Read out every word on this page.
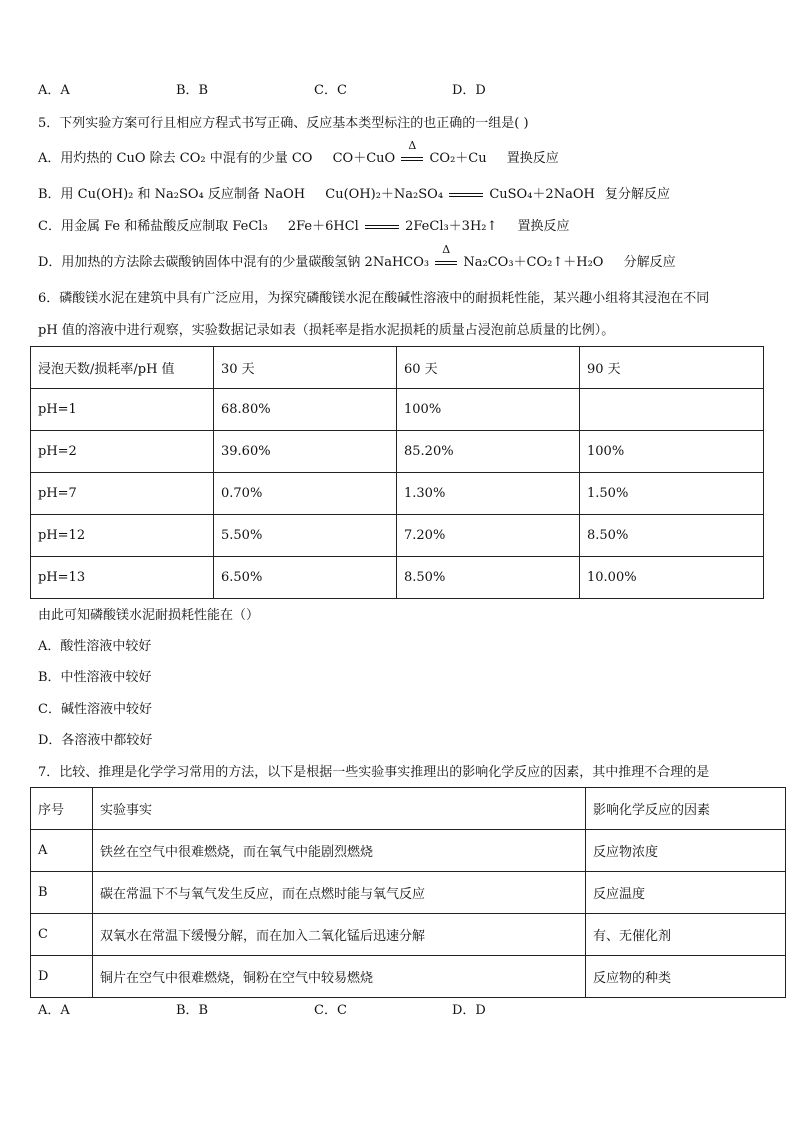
A．A	B．B	C．C	D．D
5．下列实验方案可行且相应方程式书写正确、反应基本类型标注的也正确的一组是( )
A．用灼热的 CuO 除去 CO₂ 中混有的少量 CO CO＋CuO
Δ
CO₂＋Cu 置换反应
B．用 Cu(OH)₂ 和 Na₂SO₄ 反应制备 NaOH Cu(OH)₂＋Na₂SO₄	CuSO₄＋2NaOH 复分解反应
C．用金属 Fe 和稀盐酸反应制取 FeCl₃ 2Fe＋6HCl	2FeCl₃＋3H₂↑ 置换反应
D．用加热的方法除去碳酸钠固体中混有的少量碳酸氢钠 2NaHCO₃
Δ
Na₂CO₃＋CO₂↑＋H₂O 分解反应
6．磷酸镁水泥在建筑中具有广泛应用，为探究磷酸镁水泥在酸碱性溶液中的耐损耗性能，某兴趣小组将其浸泡在不同
pH 值的溶液中进行观察，实验数据记录如表（损耗率是指水泥损耗的质量占浸泡前总质量的比例）。
浸泡天数/损耗率/pH 值	30 天	60 天	90 天
pH=1	68.80%	100%	
pH=2	39.60%	85.20%	100%
pH=7	0.70%	1.30%	1.50%
pH=12	5.50%	7.20%	8.50%
pH=13	6.50%	8.50%	10.00%
由此可知磷酸镁水泥耐损耗性能在（）
A．酸性溶液中较好
B．中性溶液中较好
C．碱性溶液中较好
D．各溶液中都较好
7．比较、推理是化学学习常用的方法，以下是根据一些实验事实推理出的影响化学反应的因素，其中推理不合理的是
序号	实验事实	影响化学反应的因素
A	铁丝在空气中很难燃烧，而在氧气中能剧烈燃烧	反应物浓度
B	碳在常温下不与氧气发生反应，而在点燃时能与氧气反应	反应温度
C	双氧水在常温下缓慢分解，而在加入二氧化锰后迅速分解	有、无催化剂
D	铜片在空气中很难燃烧，铜粉在空气中较易燃烧	反应物的种类
A．A	B．B	C．C	D．D
